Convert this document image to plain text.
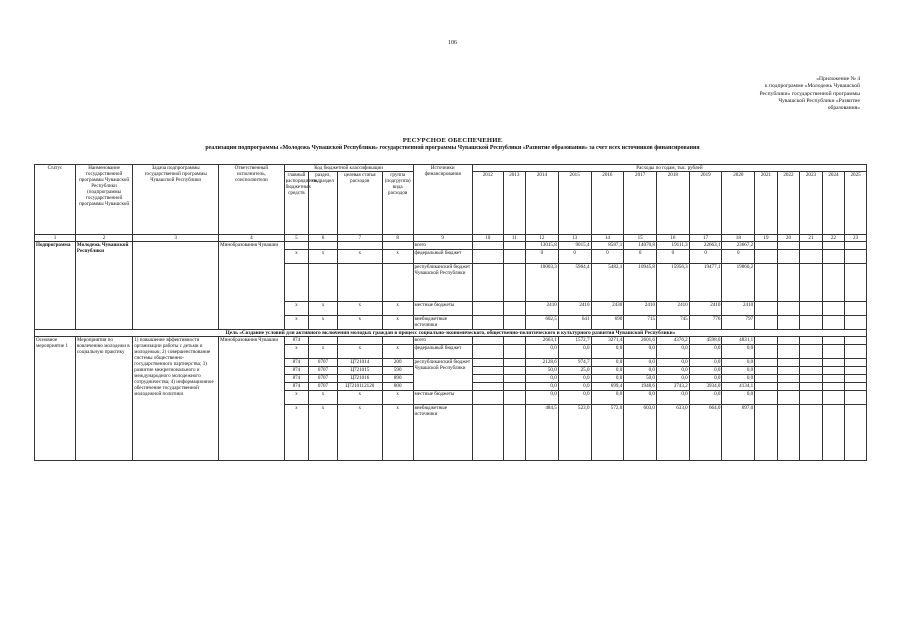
106
«Приложение № 4
к подпрограмме «Молодежь Чувашской
Республики» государственной программы
Чувашской Республики «Развитие
образования»
РЕСУРСНОЕ ОБЕСПЕЧЕНИЕ
реализации подпрограммы «Молодежь Чувашской Республики» государственной программы Чувашской Республики «Развитие образования» за счет всех источников финансирования
Статус	Наименование государственной программы Чувашской Республики (подпрограммы государственной программы Чувашской	Задача подпрограммы государственной программы Чувашской Республики	Ответственный исполнитель, соисполнители	Код бюджетной классификации				Источники финансирования	Расходы по годам, тыс. рублей													
				главный распорядитель бюджетных средств	раздел, подраздел	целевая статья расходов	группа (подгруппа) вида расходов		2012	2013	2014	2015	2016	2017	2018	2019	2020	2021	2022	2023	2024	2025
1	2	3	4	5	6	7	8	9	10	11	12	13	14	15	16	17	18	19	20	21	22	23
Подпрограмма	Молодежь Чувашской Республики		Минобразования Чувашии					всего			13015,8	9015,4	8587,1	14070,8	19111,3	22663,1	23667,2					
				x	x	x	x	федеральный бюджет			0	0	0	0	0	0	0					
								республиканский бюджет Чувашской Республики			10003,3	5964,4	5482,1	10945,8	15956,3	19477,1	19860,2					
				x	x	x	x	местные бюджеты			2410	2410	2430	2410	2410	2410	2410					
				x	x	x	x	внебюджетные источники			602,5	641	690	715	745	776	797					
Цель «Создание условий для активного включения молодых граждан в процесс социально-экономического, общественно-политического и культурного развития Чувашской Республики»																						
Основное мероприятие 1	Мероприятия по вовлечению молодежи в социальную практику	1) повышение эффективности организации работы с детьми и молодежью; 2) совершенствование системы общественно-государственного партнерства; 3) развитие межрегионального и международного молодежного сотрудничества; 4) информационное обеспечение государственной молодежной политики	Минобразования Чувашии	874				всего			2663,1	1572,7	3271,4	2601,6	4376,2	4598,0	4831,1					
				x	x	x	x	федеральный бюджет			0,0	0,0	0,0	0,0	0,0	0,0	0,0					
				874	0707	Ц721014	200	республиканский бюджет Чувашской Республики			2128,6	974,7	0,0	0,0	0,0	0,0	0,0					
				874	0707	Ц721015	590				50,0	25,0	0,0	0,0	0,0	0,0	0,0					
				874	0707	Ц721016	890				0,0	0,0	0,0	50,0	0,0	0,0	0,0					
				874	0707	Ц7210112120	800				0,0	0,0	699,4	1948,6	3743,2	3934,0	4134,1					
				x	x	x	x	местные бюджеты			0,0	0,0	0,0	0,0	0,0	0,0	0,0					
				x	x	x	x	внебюджетные источники			484,5	523,0	572,0	603,0	633,0	664,0	697,0					
